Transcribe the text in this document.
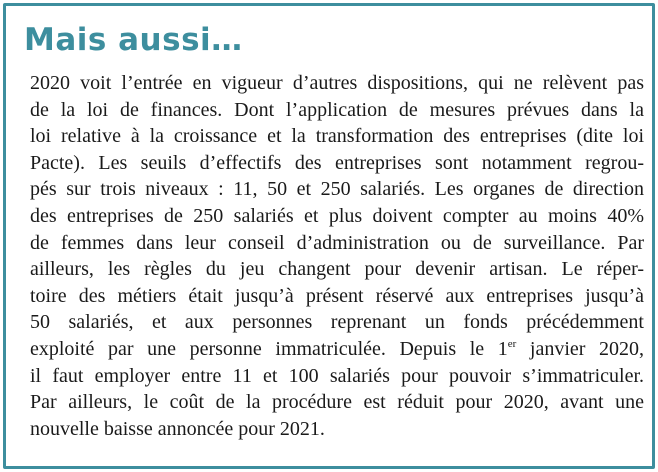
Mais aussi…
2020 voit l’entrée en vigueur d’autres dispositions, qui ne relèvent pas
de la loi de finances. Dont l’application de mesures prévues dans la
loi relative à la croissance et la transformation des entreprises (dite loi
Pacte). Les seuils d’effectifs des entreprises sont notamment regrou-
pés sur trois niveaux : 11, 50 et 250 salariés. Les organes de direction
des entreprises de 250 salariés et plus doivent compter au moins 40%
de femmes dans leur conseil d’administration ou de surveillance. Par
ailleurs, les règles du jeu changent pour devenir artisan. Le réper-
toire des métiers était jusqu’à présent réservé aux entreprises jusqu’à
50 salariés, et aux personnes reprenant un fonds précédemment
exploité par une personne immatriculée. Depuis le 1er janvier 2020,
il faut employer entre 11 et 100 salariés pour pouvoir s’immatriculer.
Par ailleurs, le coût de la procédure est réduit pour 2020, avant une
nouvelle baisse annoncée pour 2021.
